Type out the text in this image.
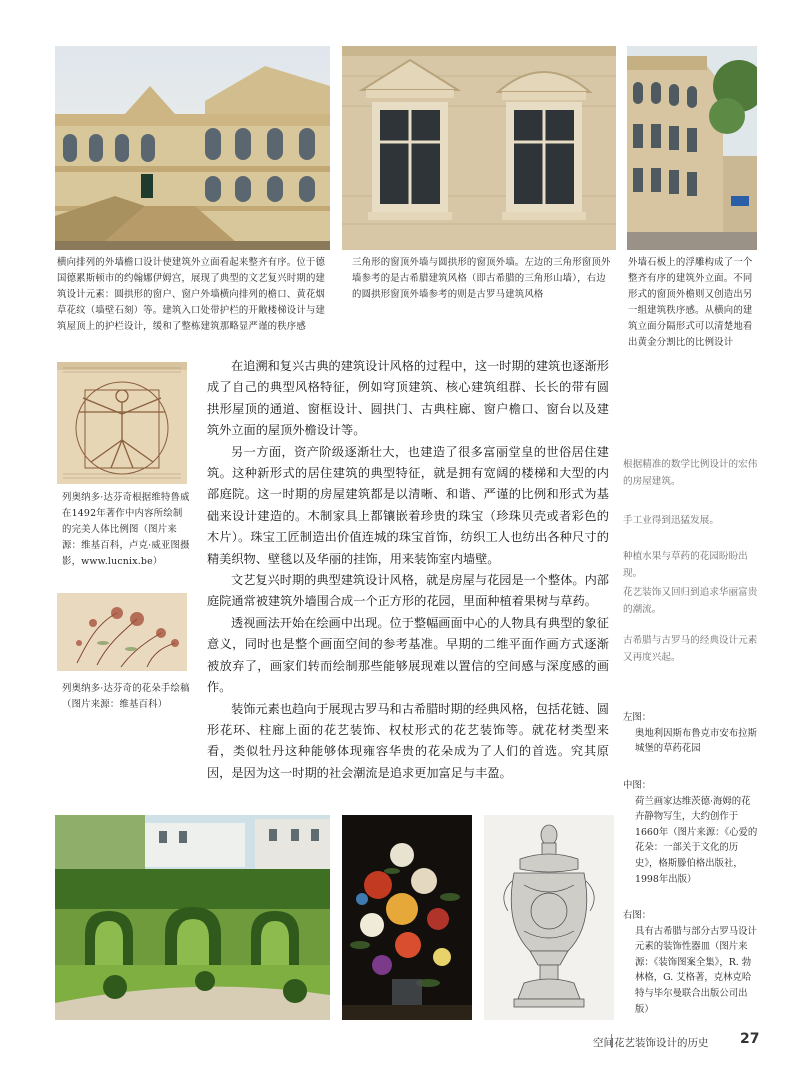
横向排列的外墙檐口设计使建筑外立面看起来整齐有序。位于德国德累斯顿市的约翰娜伊姆宫，展现了典型的文艺复兴时期的建筑设计元素：圆拱形的窗户、窗户外墙横向排列的檐口、黄花烟草花纹（墙壁石刻）等。建筑入口处带护栏的开敞楼梯设计与建筑屋顶上的护栏设计，缓和了整栋建筑那略显严谨的秩序感
三角形的窗顶外墙与圆拱形的窗顶外墙。左边的三角形窗顶外墙参考的是古希腊建筑风格（即古希腊的三角形山墙），右边的圆拱形窗顶外墙参考的则是古罗马建筑风格
外墙石板上的浮雕构成了一个整齐有序的建筑外立面。不同形式的窗顶外檐则又创造出另一组建筑秩序感。从横向的建筑立面分隔形式可以清楚地看出黄金分割比的比例设计
列奥纳多·达芬奇根据维特鲁威在1492年著作中内容所绘制的完美人体比例图（图片来源：维基百科，卢克·威亚图摄影，www.lucnix.be）
列奥纳多·达芬奇的花朵手绘稿（图片来源：维基百科）

在追溯和复兴古典的建筑设计风格的过程中，这一时期的建筑也逐渐形成了自己的典型风格特征，例如穹顶建筑、核心建筑组群、长长的带有圆拱形屋顶的通道、窗框设计、圆拱门、古典柱廊、窗户檐口、窗台以及建筑外立面的屋顶外檐设计等。

另一方面，资产阶级逐渐壮大，也建造了很多富丽堂皇的世俗居住建筑。这种新形式的居住建筑的典型特征，就是拥有宽阔的楼梯和大型的内部庭院。这一时期的房屋建筑都是以清晰、和谐、严谨的比例和形式为基础来设计建造的。木制家具上都镶嵌着珍贵的珠宝（珍珠贝壳或者彩色的木片）。珠宝工匠制造出价值连城的珠宝首饰，纺织工人也纺出各种尺寸的精美织物、壁毯以及华丽的挂饰，用来装饰室内墙壁。

文艺复兴时期的典型建筑设计风格，就是房屋与花园是一个整体。内部庭院通常被建筑外墙围合成一个正方形的花园，里面种植着果树与草药。

透视画法开始在绘画中出现。位于整幅画面中心的人物具有典型的象征意义，同时也是整个画面空间的参考基准。早期的二维平面作画方式逐渐被放弃了，画家们转而绘制那些能够展现难以置信的空间感与深度感的画作。

装饰元素也趋向于展现古罗马和古希腊时期的经典风格，包括花链、圆形花环、柱廊上面的花艺装饰、权杖形式的花艺装饰等。就花材类型来看，类似牡丹这种能够体现雍容华贵的花朵成为了人们的首选。究其原因，是因为这一时期的社会潮流是追求更加富足与丰盈。

根据精准的数学比例设计的宏伟的房屋建筑。
手工业得到迅猛发展。
种植水果与草药的花园盼盼出现。
花艺装饰又回归到追求华丽富贵的潮流。
古希腊与古罗马的经典设计元素又再度兴起。
左图：
奥地利因斯布鲁克市安布拉斯城堡的草药花园
中图：
荷兰画家达维茨德·海姆的花卉静物写生，大约创作于1660年（图片来源：《心爱的花朵：一部关于文化的历史》，格斯滕伯格出版社，1998年出版）
右图：
具有古希腊与部分古罗马设计元素的装饰性器皿（图片来源：《装饰图案全集》，R. 勃林格，G. 艾格著，克林克哈特与毕尔曼联合出版公司出版）
空间花艺装饰设计的历史	27
